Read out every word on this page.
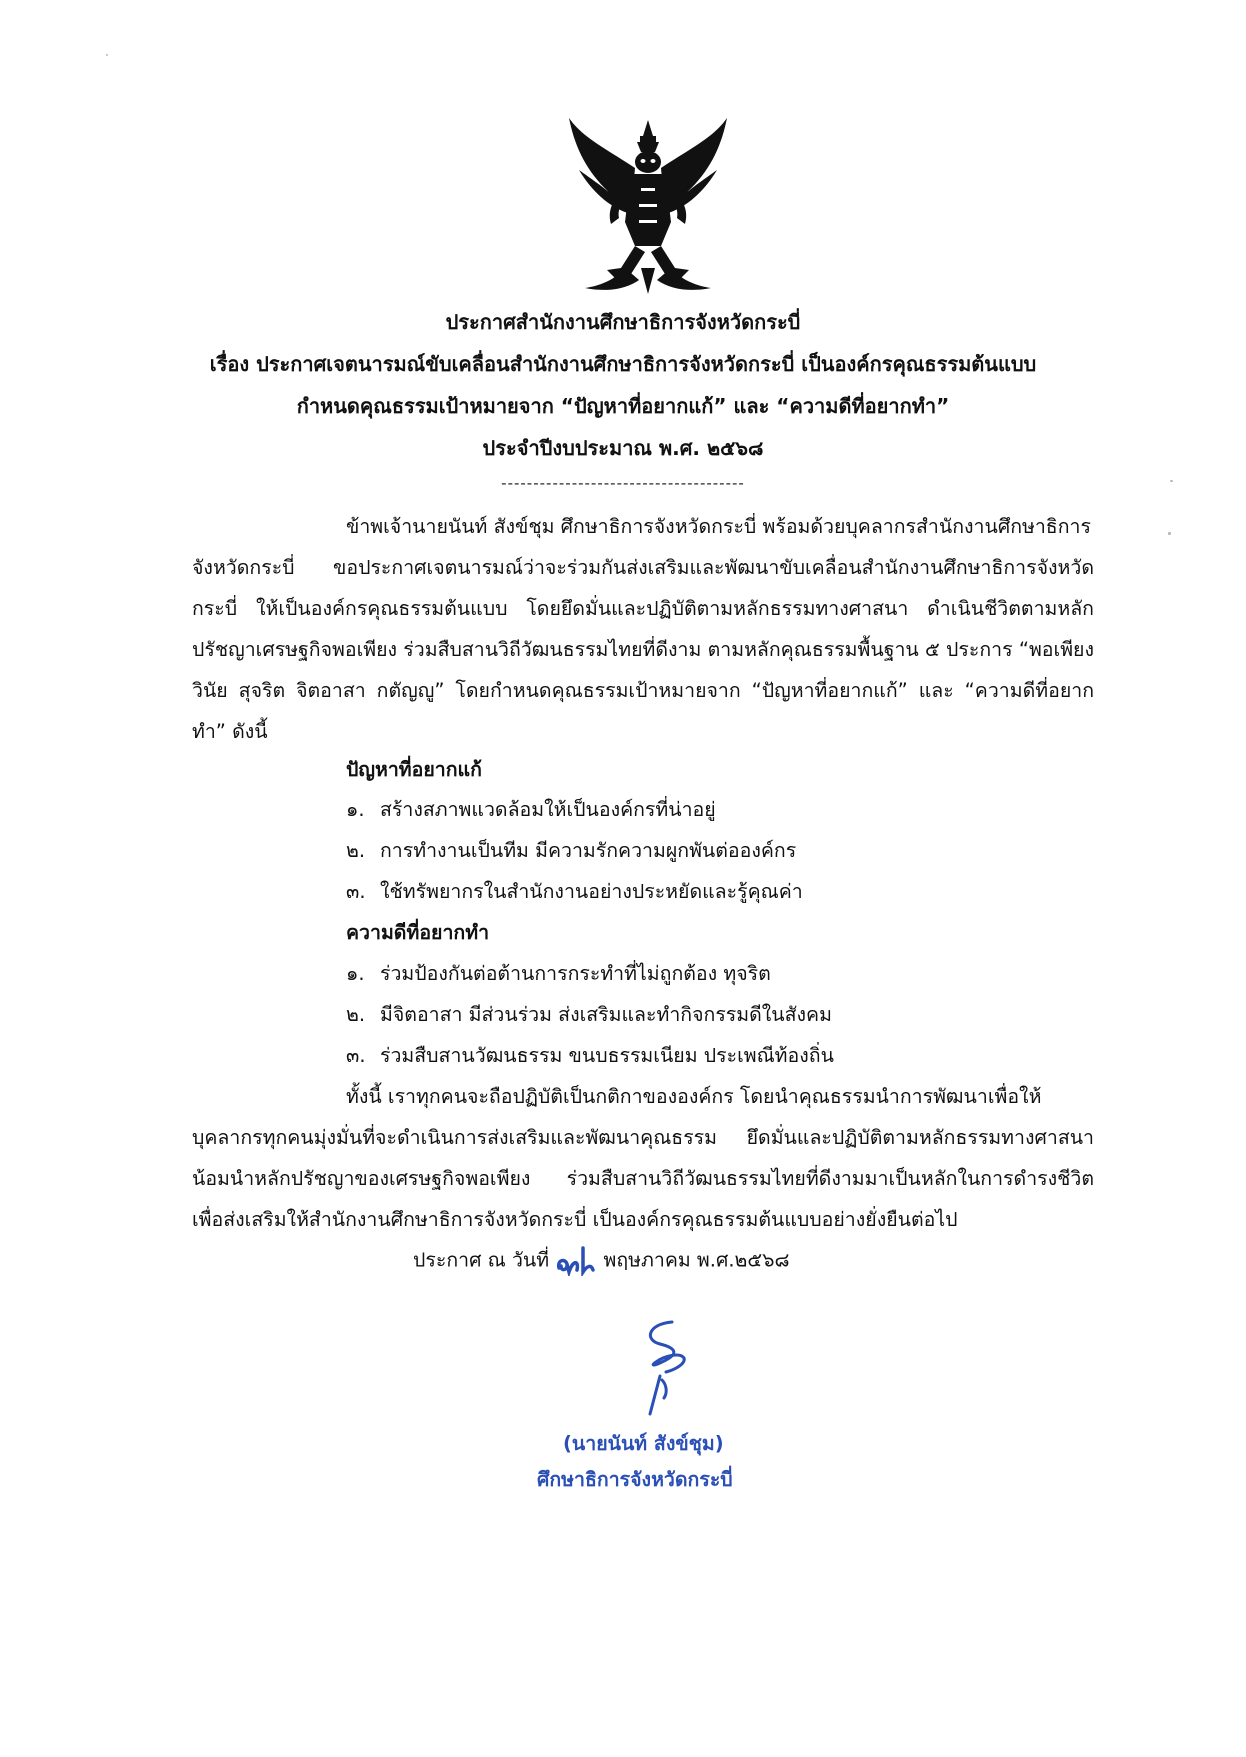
ประกาศสำนักงานศึกษาธิการจังหวัดกระบี่
เรื่อง ประกาศเจตนารมณ์ขับเคลื่อนสำนักงานศึกษาธิการจังหวัดกระบี่ เป็นองค์กรคุณธรรมต้นแบบ
กำหนดคุณธรรมเป้าหมายจาก “ปัญหาที่อยากแก้” และ “ความดีที่อยากทำ”
ประจำปีงบประมาณ พ.ศ. ๒๕๖๘
--------------------------------------
ข้าพเจ้านายนันท์ สังข์ชุม ศึกษาธิการจังหวัดกระบี่ พร้อมด้วยบุคลากรสำนักงานศึกษาธิการ
จังหวัดกระบี่ ขอประกาศเจตนารมณ์ว่าจะร่วมกันส่งเสริมและพัฒนาขับเคลื่อนสำนักงานศึกษาธิการจังหวัด กระบี่ ให้เป็นองค์กรคุณธรรมต้นแบบ โดยยึดมั่นและปฏิบัติตามหลักธรรมทางศาสนา ดำเนินชีวิตตามหลัก ปรัชญาเศรษฐกิจพอเพียง ร่วมสืบสานวิถีวัฒนธรรมไทยที่ดีงาม ตามหลักคุณธรรมพื้นฐาน ๕ ประการ “พอเพียง วินัย สุจริต จิตอาสา กตัญญู” โดยกำหนดคุณธรรมเป้าหมายจาก “ปัญหาที่อยากแก้” และ “ความดีที่อยากทำ” ดังนี้
ปัญหาที่อยากแก้
๑. สร้างสภาพแวดล้อมให้เป็นองค์กรที่น่าอยู่
๒. การทำงานเป็นทีม มีความรักความผูกพันต่อองค์กร
๓. ใช้ทรัพยากรในสำนักงานอย่างประหยัดและรู้คุณค่า
ความดีที่อยากทำ
๑. ร่วมป้องกันต่อต้านการกระทำที่ไม่ถูกต้อง ทุจริต
๒. มีจิตอาสา มีส่วนร่วม ส่งเสริมและทำกิจกรรมดีในสังคม
๓. ร่วมสืบสานวัฒนธรรม ขนบธรรมเนียม ประเพณีท้องถิ่น
ทั้งนี้ เราทุกคนจะถือปฏิบัติเป็นกติกาขององค์กร โดยนำคุณธรรมนำการพัฒนาเพื่อให้
บุคลากรทุกคนมุ่งมั่นที่จะดำเนินการส่งเสริมและพัฒนาคุณธรรม ยึดมั่นและปฏิบัติตามหลักธรรมทางศาสนา น้อมนำหลักปรัชญาของเศรษฐกิจพอเพียง ร่วมสืบสานวิถีวัฒนธรรมไทยที่ดีงามมาเป็นหลักในการดำรงชีวิต เพื่อส่งเสริมให้สำนักงานศึกษาธิการจังหวัดกระบี่ เป็นองค์กรคุณธรรมต้นแบบอย่างยั่งยืนต่อไป
ประกาศ ณ วันที่	พฤษภาคม พ.ศ.๒๕๖๘
(นายนันท์ สังข์ชุม)
ศึกษาธิการจังหวัดกระบี่
